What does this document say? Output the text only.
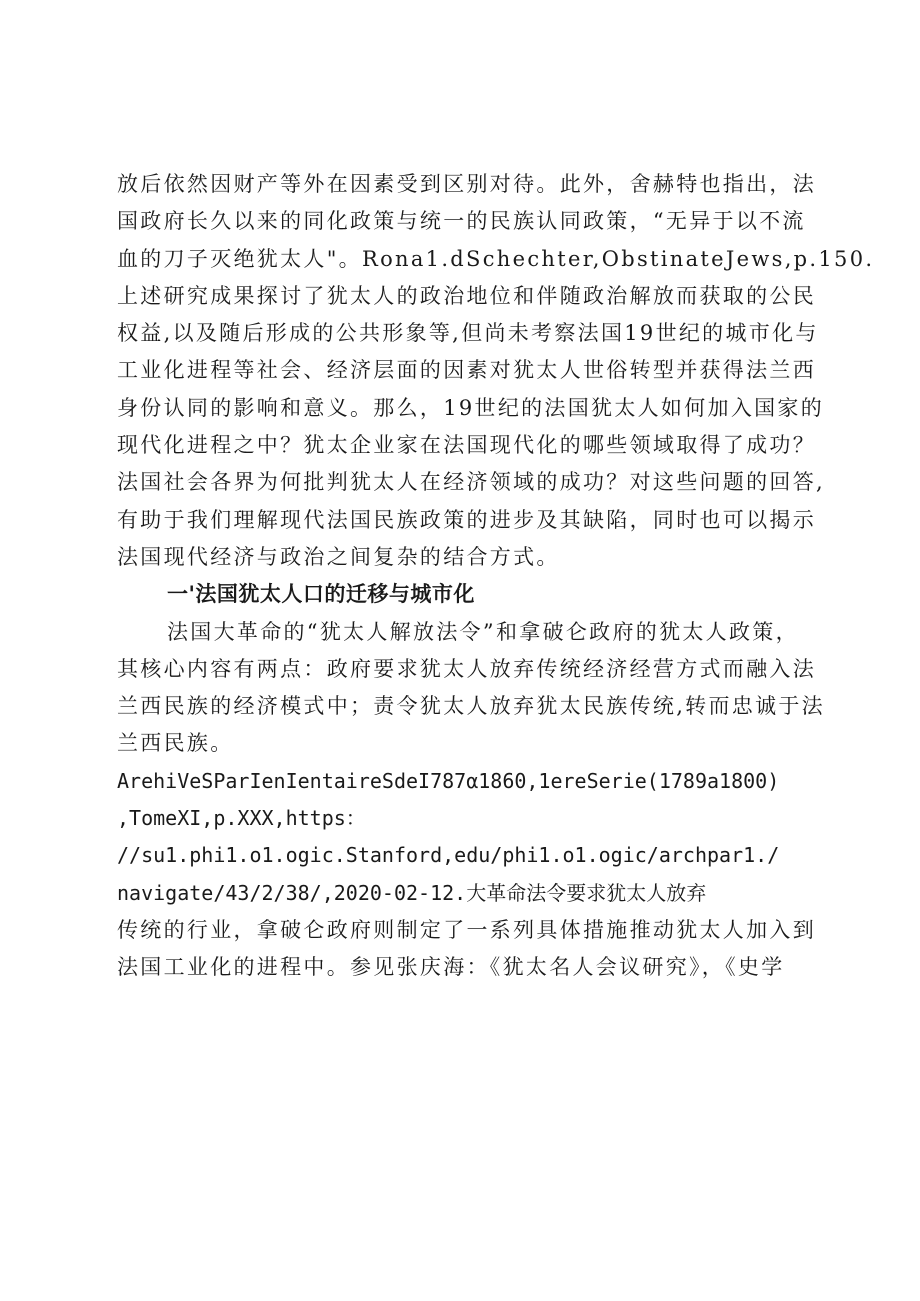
放后依然因财产等外在因素受到区别对待。此外，舍赫特也指出，法
国政府长久以来的同化政策与统一的民族认同政策，“无异于以不流
血的刀子灭绝犹太人"。Rona1.dSchechter,ObstinateJews,p.150.
上述研究成果探讨了犹太人的政治地位和伴随政治解放而获取的公民
权益,以及随后形成的公共形象等,但尚未考察法国19世纪的城市化与
工业化进程等社会、经济层面的因素对犹太人世俗转型并获得法兰西
身份认同的影响和意义。那么，19世纪的法国犹太人如何加入国家的
现代化进程之中？犹太企业家在法国现代化的哪些领域取得了成功？
法国社会各界为何批判犹太人在经济领域的成功？对这些问题的回答,
有助于我们理解现代法国民族政策的进步及其缺陷，同时也可以揭示
法国现代经济与政治之间复杂的结合方式。
一'法国犹太人口的迁移与城市化
法国大革命的“犹太人解放法令”和拿破仑政府的犹太人政策，
其核心内容有两点：政府要求犹太人放弃传统经济经营方式而融入法
兰西民族的经济模式中；责令犹太人放弃犹太民族传统,转而忠诚于法
兰西民族。
ArehiVeSParIenIentaireSdeI787α1860,1ereSerie(1789a1800)
,TomeXI,p.XXX,https：
//su1.phi1.o1.ogic.Stanford,edu/phi1.o1.ogic/archpar1./
navigate/43/2/38/,2020-02-12.大革命法令要求犹太人放弃
传统的行业，拿破仑政府则制定了一系列具体措施推动犹太人加入到
法国工业化的进程中。参见张庆海：《犹太名人会议研究》，《史学
